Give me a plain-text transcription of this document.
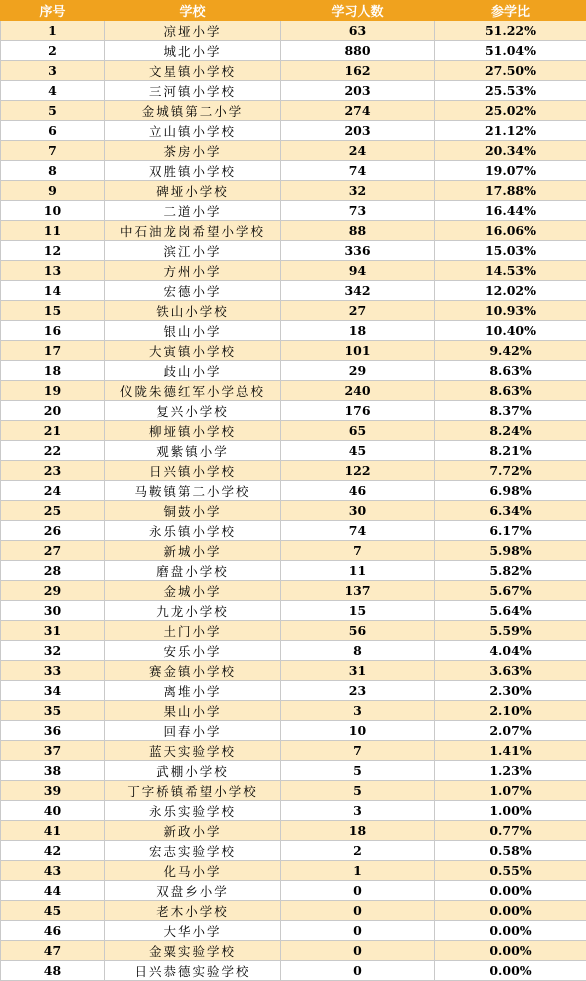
序号	学校	学习人数	参学比
1	凉垭小学	63	51.22%
2	城北小学	880	51.04%
3	文星镇小学校	162	27.50%
4	三河镇小学校	203	25.53%
5	金城镇第二小学	274	25.02%
6	立山镇小学校	203	21.12%
7	茶房小学	24	20.34%
8	双胜镇小学校	74	19.07%
9	碑垭小学校	32	17.88%
10	二道小学	73	16.44%
11	中石油龙岗希望小学校	88	16.06%
12	滨江小学	336	15.03%
13	方州小学	94	14.53%
14	宏德小学	342	12.02%
15	铁山小学校	27	10.93%
16	银山小学	18	10.40%
17	大寅镇小学校	101	9.42%
18	歧山小学	29	8.63%
19	仪陇朱德红军小学总校	240	8.63%
20	复兴小学校	176	8.37%
21	柳垭镇小学校	65	8.24%
22	观紫镇小学	45	8.21%
23	日兴镇小学校	122	7.72%
24	马鞍镇第二小学校	46	6.98%
25	铜鼓小学	30	6.34%
26	永乐镇小学校	74	6.17%
27	新城小学	7	5.98%
28	磨盘小学校	11	5.82%
29	金城小学	137	5.67%
30	九龙小学校	15	5.64%
31	土门小学	56	5.59%
32	安乐小学	8	4.04%
33	赛金镇小学校	31	3.63%
34	离堆小学	23	2.30%
35	果山小学	3	2.10%
36	回春小学	10	2.07%
37	蓝天实验学校	7	1.41%
38	武棚小学校	5	1.23%
39	丁字桥镇希望小学校	5	1.07%
40	永乐实验学校	3	1.00%
41	新政小学	18	0.77%
42	宏志实验学校	2	0.58%
43	化马小学	1	0.55%
44	双盘乡小学	0	0.00%
45	老木小学校	0	0.00%
46	大华小学	0	0.00%
47	金粟实验学校	0	0.00%
48	日兴恭德实验学校	0	0.00%
